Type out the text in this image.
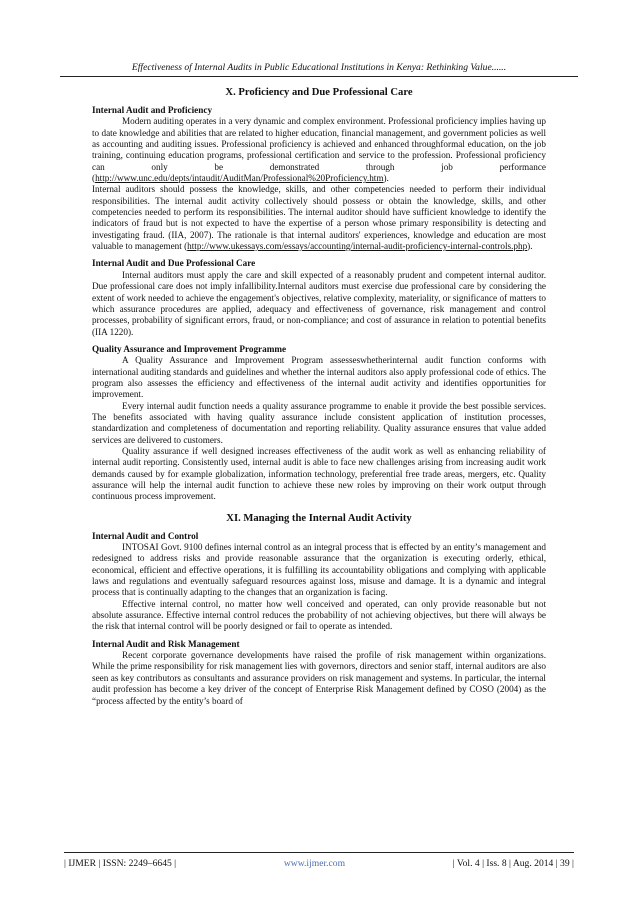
Effectiveness of Internal Audits in Public Educational Institutions in Kenya: Rethinking Value......
X. Proficiency and Due Professional Care
Internal Audit and Proficiency

Modern auditing operates in a very dynamic and complex environment. Professional proficiency implies having up to date knowledge and abilities that are related to higher education, financial management, and government policies as well as accounting and auditing issues. Professional proficiency is achieved and enhanced throughformal education, on the job training, continuing education programs, professional certification and service to the profession. Professional proficiency can only be demonstrated through job performance (http://www.unc.edu/depts/intaudit/AuditMan/Professional%20Proficiency.htm).

Internal auditors should possess the knowledge, skills, and other competencies needed to perform their individual responsibilities. The internal audit activity collectively should possess or obtain the knowledge, skills, and other competencies needed to perform its responsibilities. The internal auditor should have sufficient knowledge to identify the indicators of fraud but is not expected to have the expertise of a person whose primary responsibility is detecting and investigating fraud. (IIA, 2007). The rationale is that internal auditors' experiences, knowledge and education are most valuable to management (http://www.ukessays.com/essays/accounting/internal-audit-proficiency-internal-controls.php).

Internal Audit and Due Professional Care

Internal auditors must apply the care and skill expected of a reasonably prudent and competent internal auditor. Due professional care does not imply infallibility.Internal auditors must exercise due professional care by considering the extent of work needed to achieve the engagement's objectives, relative complexity, materiality, or significance of matters to which assurance procedures are applied, adequacy and effectiveness of governance, risk management and control processes, probability of significant errors, fraud, or non-compliance; and cost of assurance in relation to potential benefits (IIA 1220).

Quality Assurance and Improvement Programme

A Quality Assurance and Improvement Program assesseswhetherinternal audit function conforms with international auditing standards and guidelines and whether the internal auditors also apply professional code of ethics. The program also assesses the efficiency and effectiveness of the internal audit activity and identifies opportunities for improvement.

Every internal audit function needs a quality assurance programme to enable it provide the best possible services. The benefits associated with having quality assurance include consistent application of institution processes, standardization and completeness of documentation and reporting reliability. Quality assurance ensures that value added services are delivered to customers.

Quality assurance if well designed increases effectiveness of the audit work as well as enhancing reliability of internal audit reporting. Consistently used, internal audit is able to face new challenges arising from increasing audit work demands caused by for example globalization, information technology, preferential free trade areas, mergers, etc. Quality assurance will help the internal audit function to achieve these new roles by improving on their work output through continuous process improvement.

XI. Managing the Internal Audit Activity
Internal Audit and Control

INTOSAI Govt. 9100 defines internal control as an integral process that is effected by an entity’s management and redesigned to address risks and provide reasonable assurance that the organization is executing orderly, ethical, economical, efficient and effective operations, it is fulfilling its accountability obligations and complying with applicable laws and regulations and eventually safeguard resources against loss, misuse and damage. It is a dynamic and integral process that is continually adapting to the changes that an organization is facing.

Effective internal control, no matter how well conceived and operated, can only provide reasonable but not absolute assurance. Effective internal control reduces the probability of not achieving objectives, but there will always be the risk that internal control will be poorly designed or fail to operate as intended.

Internal Audit and Risk Management

Recent corporate governance developments have raised the profile of risk management within organizations. While the prime responsibility for risk management lies with governors, directors and senior staff, internal auditors are also seen as key contributors as consultants and assurance providers on risk management and systems. In particular, the internal audit profession has become a key driver of the concept of Enterprise Risk Management defined by COSO (2004) as the “process affected by the entity’s board of

| IJMER | ISSN: 2249–6645 |	www.ijmer.com	| Vol. 4 | Iss. 8 | Aug. 2014 | 39 |
